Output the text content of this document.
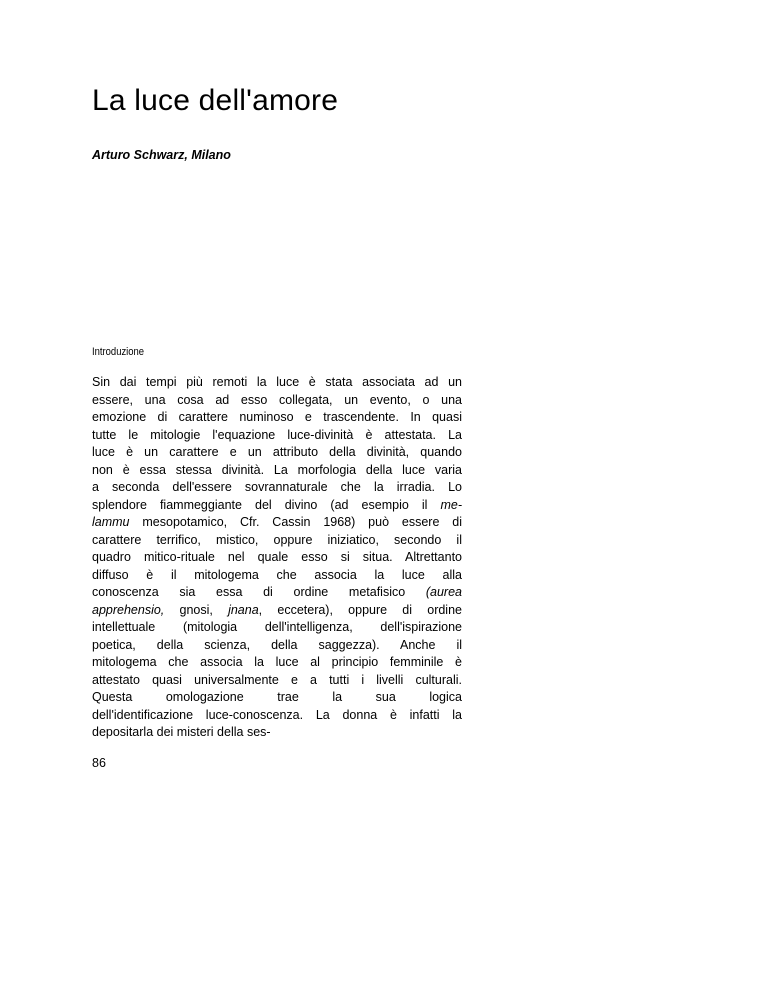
La luce dell'amore

Arturo Schwarz, Milano

Introduzione

Sin dai tempi più remoti la luce è stata associata ad un
essere, una cosa ad esso collegata, un evento, o una
emozione di carattere numinoso e trascendente. In quasi
tutte le mitologie l'equazione luce-divinità è attestata. La
luce è un carattere e un attributo della divinità, quando
non è essa stessa divinità. La morfologia della luce varia
a seconda dell'essere sovrannaturale che la irradia. Lo
splendore fiammeggiante del divino (ad esempio il me-
lammu mesopotamico, Cfr. Cassin 1968) può essere di
carattere terrifico, mistico, oppure iniziatico, secondo il
quadro mitico-rituale nel quale esso si situa. Altrettanto
diffuso è il mitologema che associa la luce alla
conoscenza sia essa di ordine metafisico (aurea
apprehensio, gnosi, jnana, eccetera), oppure di ordine
intellettuale (mitologia dell'intelligenza, dell'ispirazione
poetica, della scienza, della saggezza). Anche il
mitologema che associa la luce al principio femminile è
attestato quasi universalmente e a tutti i livelli culturali.
Questa omologazione trae la sua logica
dell'identificazione luce-conoscenza. La donna è infatti la
depositarla dei misteri della ses-

86
